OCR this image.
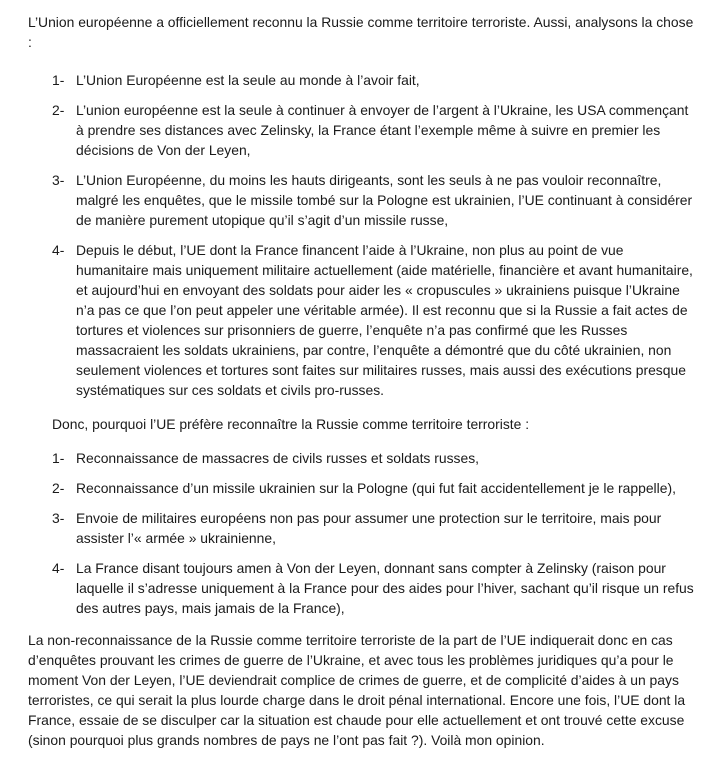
L’Union européenne a officiellement reconnu la Russie comme territoire terroriste. Aussi, analysons la chose :

1- L’Union Européenne est la seule au monde à l’avoir fait,
2- L’union européenne est la seule à continuer à envoyer de l’argent à l’Ukraine, les USA commençant à prendre ses distances avec Zelinsky, la France étant l’exemple même à suivre en premier les décisions de Von der Leyen,
3- L’Union Européenne, du moins les hauts dirigeants, sont les seuls à ne pas vouloir reconnaître, malgré les enquêtes, que le missile tombé sur la Pologne est ukrainien, l’UE continuant à considérer de manière purement utopique qu’il s’agit d’un missile russe,
4- Depuis le début, l’UE dont la France financent l’aide à l’Ukraine, non plus au point de vue humanitaire mais uniquement militaire actuellement (aide matérielle, financière et avant humanitaire, et aujourd’hui en envoyant des soldats pour aider les « cropuscules » ukrainiens puisque l’Ukraine n’a pas ce que l’on peut appeler une véritable armée). Il est reconnu que si la Russie a fait actes de tortures et violences sur prisonniers de guerre, l’enquête n’a pas confirmé que les Russes massacraient les soldats ukrainiens, par contre, l’enquête a démontré que du côté ukrainien, non seulement violences et tortures sont faites sur militaires russes, mais aussi des exécutions presque systématiques sur ces soldats et civils pro-russes.

Donc, pourquoi l’UE préfère reconnaître la Russie comme territoire terroriste :

1- Reconnaissance de massacres de civils russes et soldats russes,
2- Reconnaissance d’un missile ukrainien sur la Pologne (qui fut fait accidentellement je le rappelle),
3- Envoie de militaires européens non pas pour assumer une protection sur le territoire, mais pour assister l’« armée » ukrainienne,
4- La France disant toujours amen à Von der Leyen, donnant sans compter à Zelinsky (raison pour laquelle il s’adresse uniquement à la France pour des aides pour l’hiver, sachant qu’il risque un refus des autres pays, mais jamais de la France),

La non-reconnaissance de la Russie comme territoire terroriste de la part de l’UE indiquerait donc en cas d’enquêtes prouvant les crimes de guerre de l’Ukraine, et avec tous les problèmes juridiques qu’a pour le moment Von der Leyen, l’UE deviendrait complice de crimes de guerre, et de complicité d’aides à un pays terroristes, ce qui serait la plus lourde charge dans le droit pénal international. Encore une fois, l’UE dont la France, essaie de se disculper car la situation est chaude pour elle actuellement et ont trouvé cette excuse (sinon pourquoi plus grands nombres de pays ne l’ont pas fait ?). Voilà mon opinion.
